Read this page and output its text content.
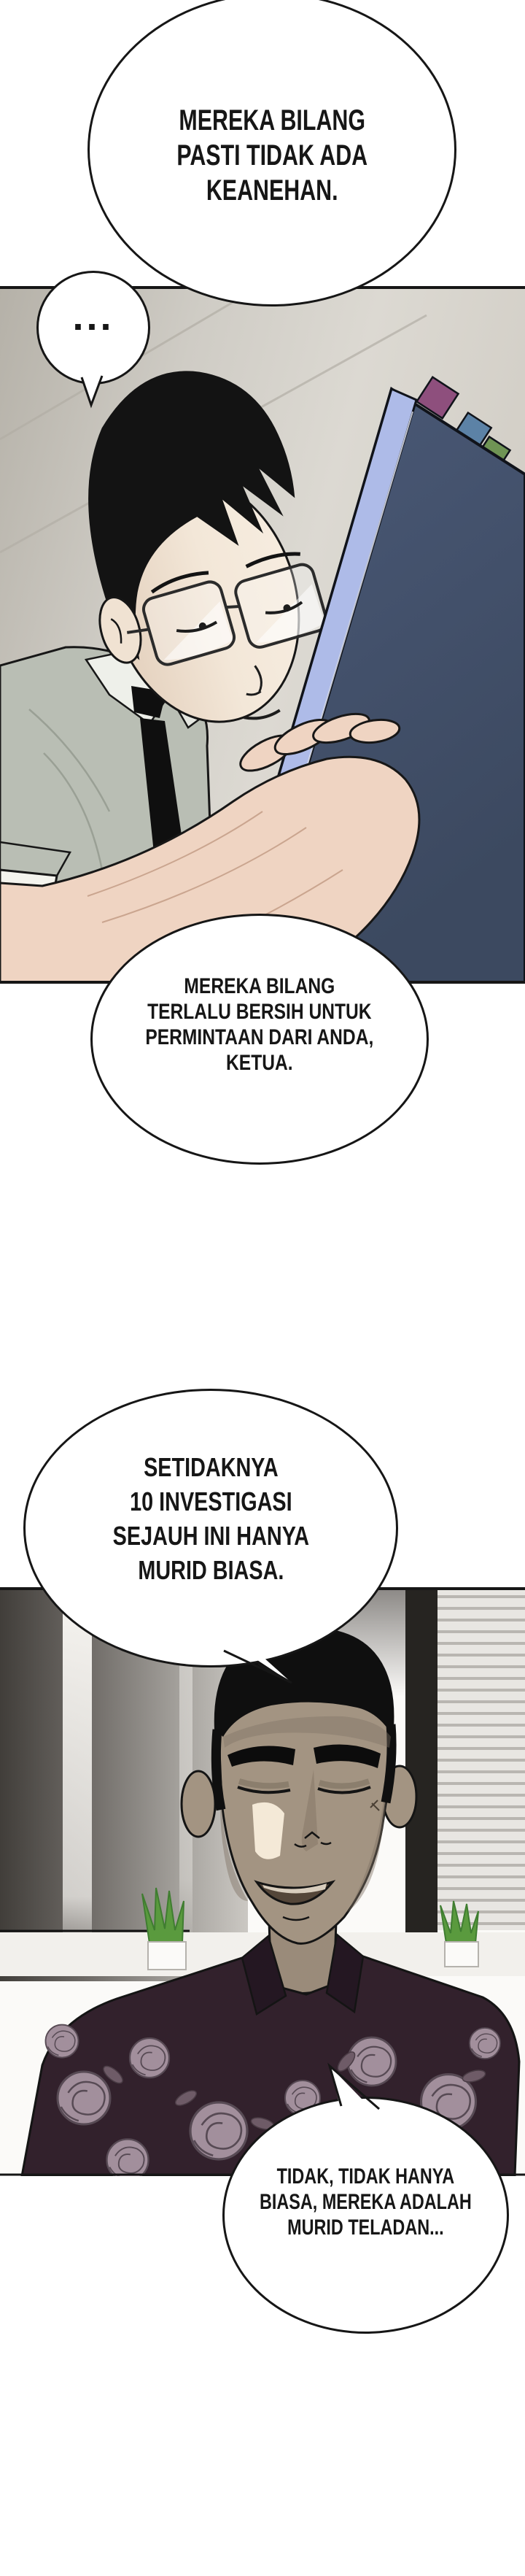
MEREKA BILANG
PASTI TIDAK ADA
KEANEHAN.
...
MEREKA BILANG
TERLALU BERSIH UNTUK
PERMINTAAN DARI ANDA,
KETUA.
SETIDAKNYA
10 INVESTIGASI
SEJAUH INI HANYA
MURID BIASA.
TIDAK, TIDAK HANYA
BIASA, MEREKA ADALAH
MURID TELADAN...
